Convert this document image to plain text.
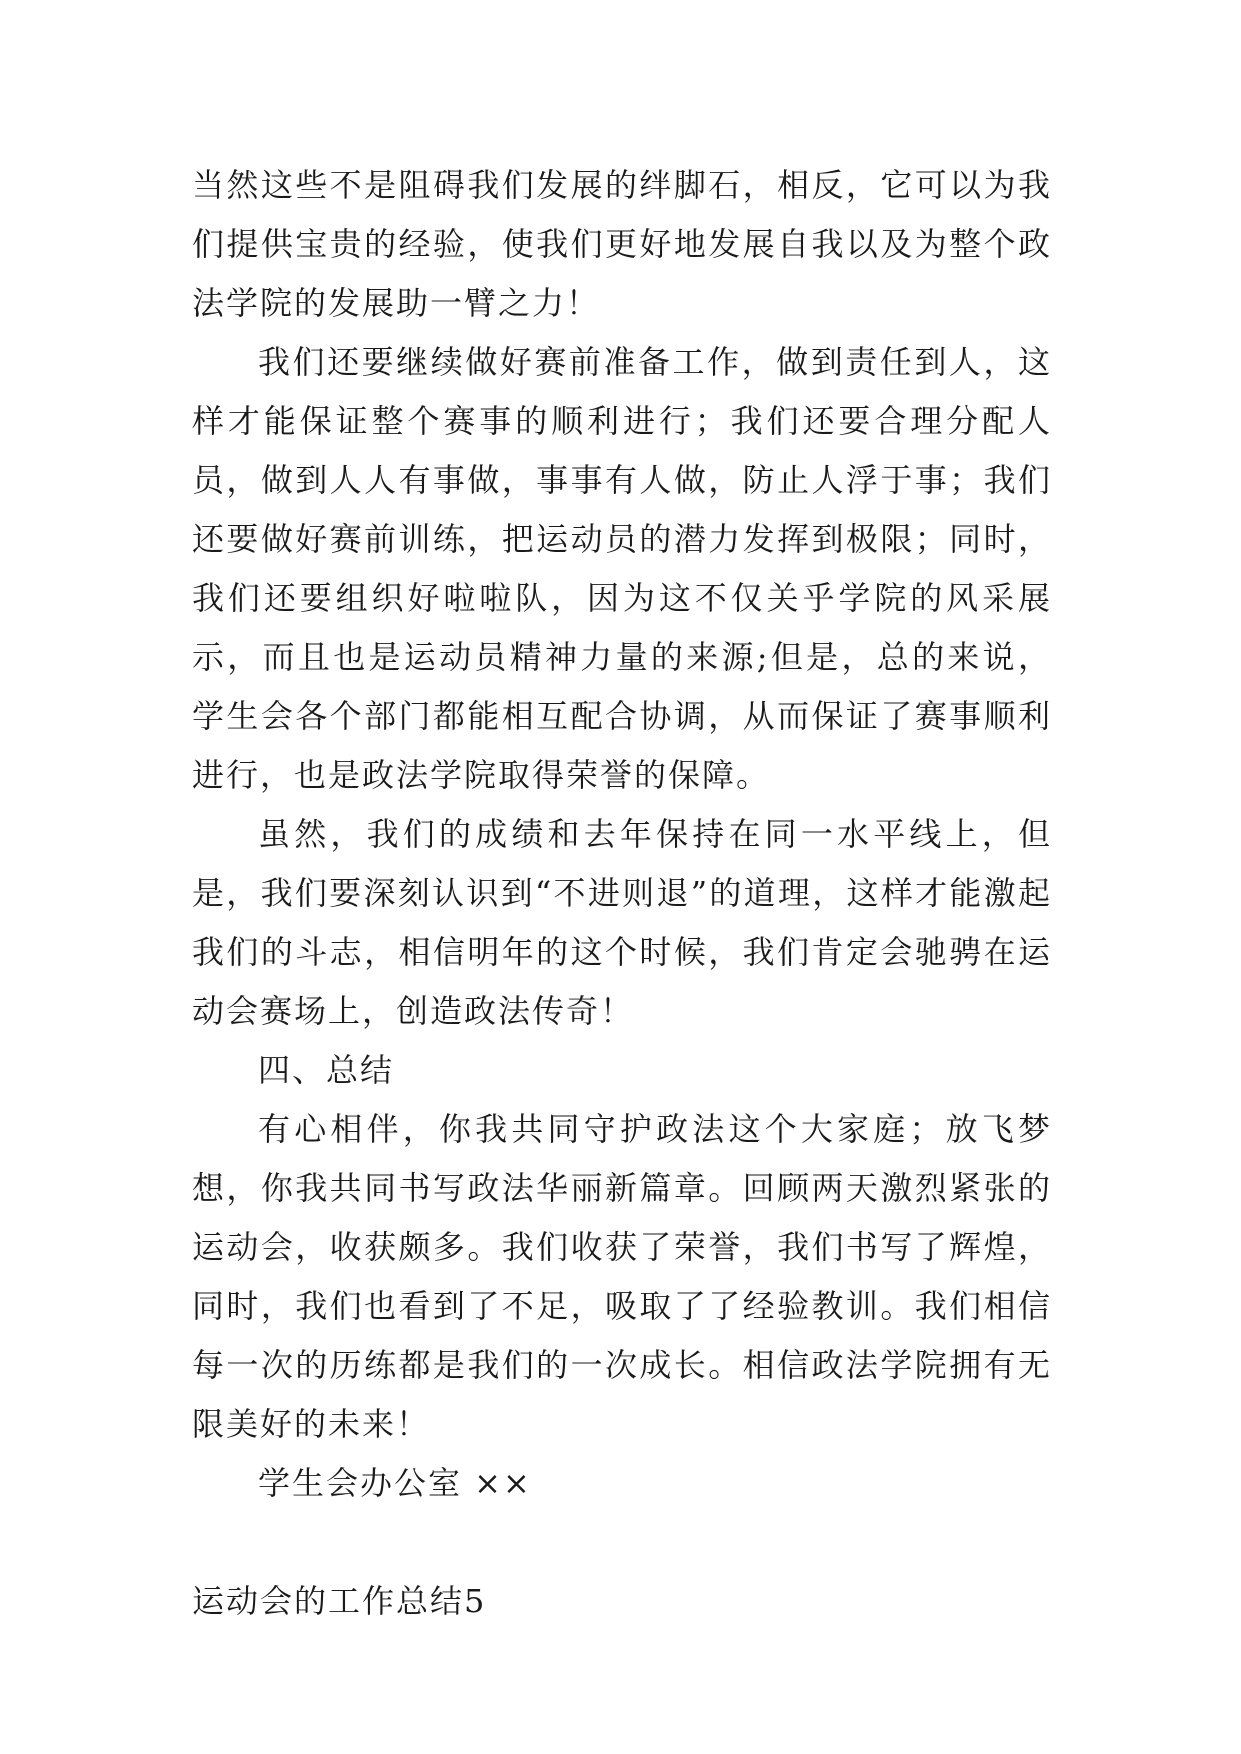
当然这些不是阻碍我们发展的绊脚石，相反，它可以为我们提供宝贵的经验，使我们更好地发展自我以及为整个政法学院的发展助一臂之力！

我们还要继续做好赛前准备工作，做到责任到人，这样才能保证整个赛事的顺利进行；我们还要合理分配人员，做到人人有事做，事事有人做，防止人浮于事；我们还要做好赛前训练，把运动员的潜力发挥到极限；同时，我们还要组织好啦啦队，因为这不仅关乎学院的风采展示，而且也是运动员精神力量的来源;但是，总的来说，学生会各个部门都能相互配合协调，从而保证了赛事顺利进行，也是政法学院取得荣誉的保障。

虽然，我们的成绩和去年保持在同一水平线上，但是，我们要深刻认识到“不进则退”的道理，这样才能激起我们的斗志，相信明年的这个时候，我们肯定会驰骋在运动会赛场上，创造政法传奇！

四、总结

有心相伴，你我共同守护政法这个大家庭；放飞梦想，你我共同书写政法华丽新篇章。回顾两天激烈紧张的运动会，收获颇多。我们收获了荣誉，我们书写了辉煌，同时，我们也看到了不足，吸取了了经验教训。我们相信每一次的历练都是我们的一次成长。相信政法学院拥有无限美好的未来！

学生会办公室 ××

运动会的工作总结5
